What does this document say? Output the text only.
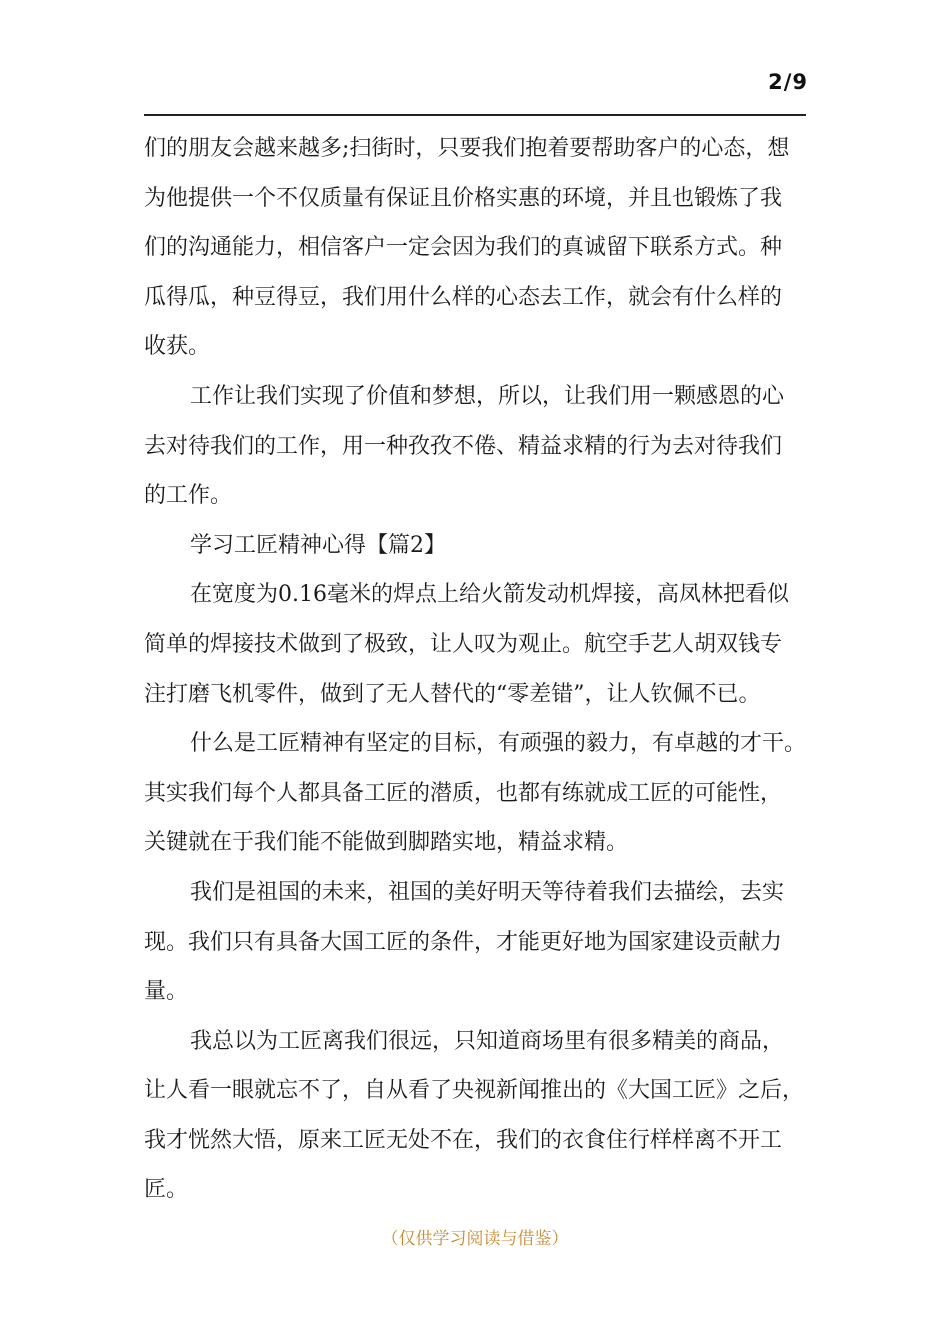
2/9
们的朋友会越来越多;扫街时，只要我们抱着要帮助客户的心态，想
为他提供一个不仅质量有保证且价格实惠的环境，并且也锻炼了我
们的沟通能力，相信客户一定会因为我们的真诚留下联系方式。种
瓜得瓜，种豆得豆，我们用什么样的心态去工作，就会有什么样的
收获。
工作让我们实现了价值和梦想，所以，让我们用一颗感恩的心
去对待我们的工作，用一种孜孜不倦、精益求精的行为去对待我们
的工作。
学习工匠精神心得【篇2】
在宽度为0.16毫米的焊点上给火箭发动机焊接，高凤林把看似
简单的焊接技术做到了极致，让人叹为观止。航空手艺人胡双钱专
注打磨飞机零件，做到了无人替代的“零差错”，让人钦佩不已。
什么是工匠精神有坚定的目标，有顽强的毅力，有卓越的才干。
其实我们每个人都具备工匠的潜质，也都有练就成工匠的可能性，
关键就在于我们能不能做到脚踏实地，精益求精。
我们是祖国的未来，祖国的美好明天等待着我们去描绘，去实
现。我们只有具备大国工匠的条件，才能更好地为国家建设贡献力
量。
我总以为工匠离我们很远，只知道商场里有很多精美的商品，
让人看一眼就忘不了，自从看了央视新闻推出的《大国工匠》之后，
我才恍然大悟，原来工匠无处不在，我们的衣食住行样样离不开工
匠。
（仅供学习阅读与借鉴）
